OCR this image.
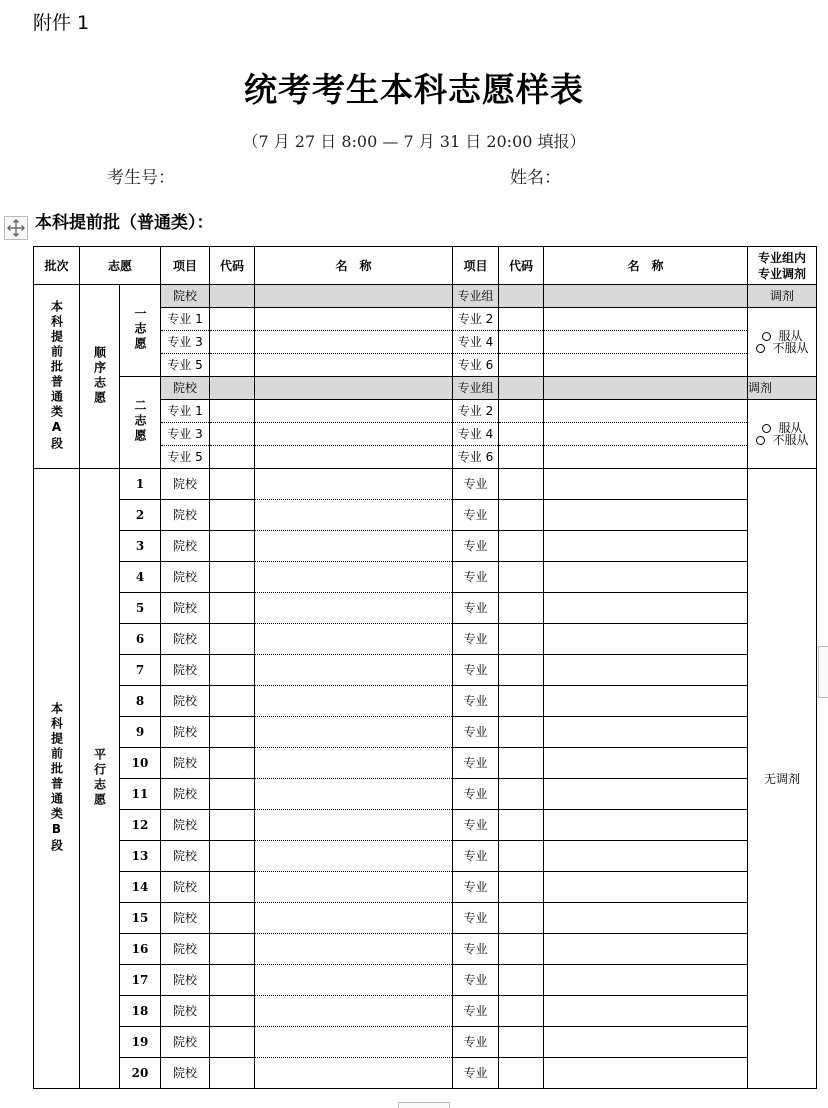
附件 1
统考考生本科志愿样表
（7 月 27 日 8:00 — 7 月 31 日 20:00 填报）
考生号：	姓名：
本科提前批（普通类）：
批次	志愿		项目	代码	名　称	项目	代码	名　称	专业组内
专业调剂

本科提前批普通类A段	顺序志愿	一志愿	院校			专业组			调剂
			专业 1			专业 2			服从
不服从

			专业 3			专业 4			
			专业 5			专业 6			
		二志愿	院校			专业组			调剂
			专业 1			专业 2			服从
不服从

			专业 3			专业 4			
			专业 5			专业 6			
本科提前批普通类B段	平行志愿	1	院校			专业			无调剂
		2	院校			专业			
		3	院校			专业			
		4	院校			专业			
		5	院校			专业			
		6	院校			专业			
		7	院校			专业			
		8	院校			专业			
		9	院校			专业			
		10	院校			专业			
		11	院校			专业			
		12	院校			专业			
		13	院校			专业			
		14	院校			专业			
		15	院校			专业			
		16	院校			专业			
		17	院校			专业			
		18	院校			专业			
		19	院校			专业			
		20	院校			专业			
